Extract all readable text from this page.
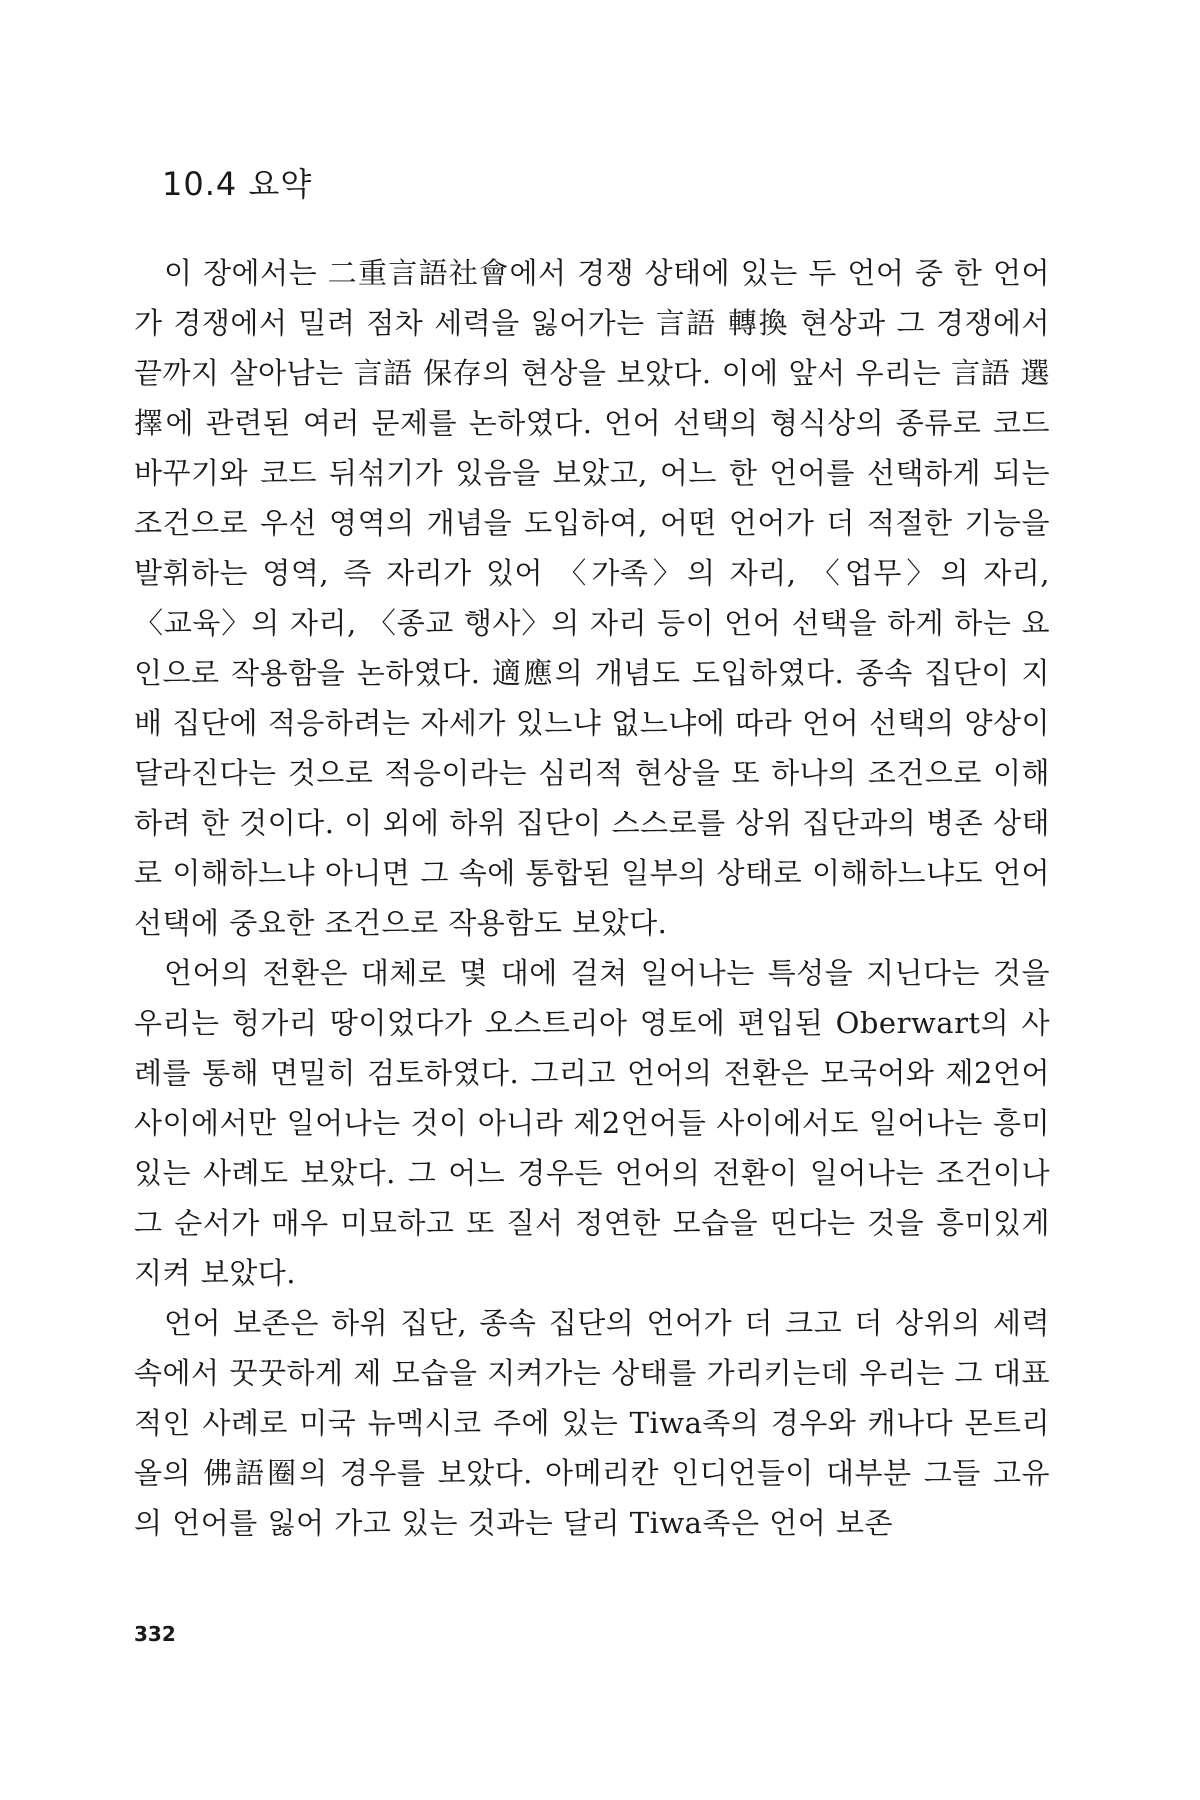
10.4 요약

이 장에서는 二重言語社會에서 경쟁 상태에 있는 두 언어 중 한 언어가 경쟁에서 밀려 점차 세력을 잃어가는 言語 轉換 현상과 그 경쟁에서 끝까지 살아남는 言語 保存의 현상을 보았다. 이에 앞서 우리는 言語 選擇에 관련된 여러 문제를 논하였다. 언어 선택의 형식상의 종류로 코드 바꾸기와 코드 뒤섞기가 있음을 보았고, 어느 한 언어를 선택하게 되는 조건으로 우선 영역의 개념을 도입하여, 어떤 언어가 더 적절한 기능을 발휘하는 영역, 즉 자리가 있어 〈가족〉의 자리, 〈업무〉의 자리, 〈교육〉의 자리, 〈종교 행사〉의 자리 등이 언어 선택을 하게 하는 요인으로 작용함을 논하였다. 適應의 개념도 도입하였다. 종속 집단이 지배 집단에 적응하려는 자세가 있느냐 없느냐에 따라 언어 선택의 양상이 달라진다는 것으로 적응이라는 심리적 현상을 또 하나의 조건으로 이해하려 한 것이다. 이 외에 하위 집단이 스스로를 상위 집단과의 병존 상태로 이해하느냐 아니면 그 속에 통합된 일부의 상태로 이해하느냐도 언어 선택에 중요한 조건으로 작용함도 보았다.

언어의 전환은 대체로 몇 대에 걸쳐 일어나는 특성을 지닌다는 것을 우리는 헝가리 땅이었다가 오스트리아 영토에 편입된 Oberwart의 사례를 통해 면밀히 검토하였다. 그리고 언어의 전환은 모국어와 제2언어 사이에서만 일어나는 것이 아니라 제2언어들 사이에서도 일어나는 흥미있는 사례도 보았다. 그 어느 경우든 언어의 전환이 일어나는 조건이나 그 순서가 매우 미묘하고 또 질서 정연한 모습을 띤다는 것을 흥미있게 지켜 보았다.

언어 보존은 하위 집단, 종속 집단의 언어가 더 크고 더 상위의 세력 속에서 꿋꿋하게 제 모습을 지켜가는 상태를 가리키는데 우리는 그 대표적인 사례로 미국 뉴멕시코 주에 있는 Tiwa족의 경우와 캐나다 몬트리올의 佛語圈의 경우를 보았다. 아메리칸 인디언들이 대부분 그들 고유의 언어를 잃어 가고 있는 것과는 달리 Tiwa족은 언어 보존

332
